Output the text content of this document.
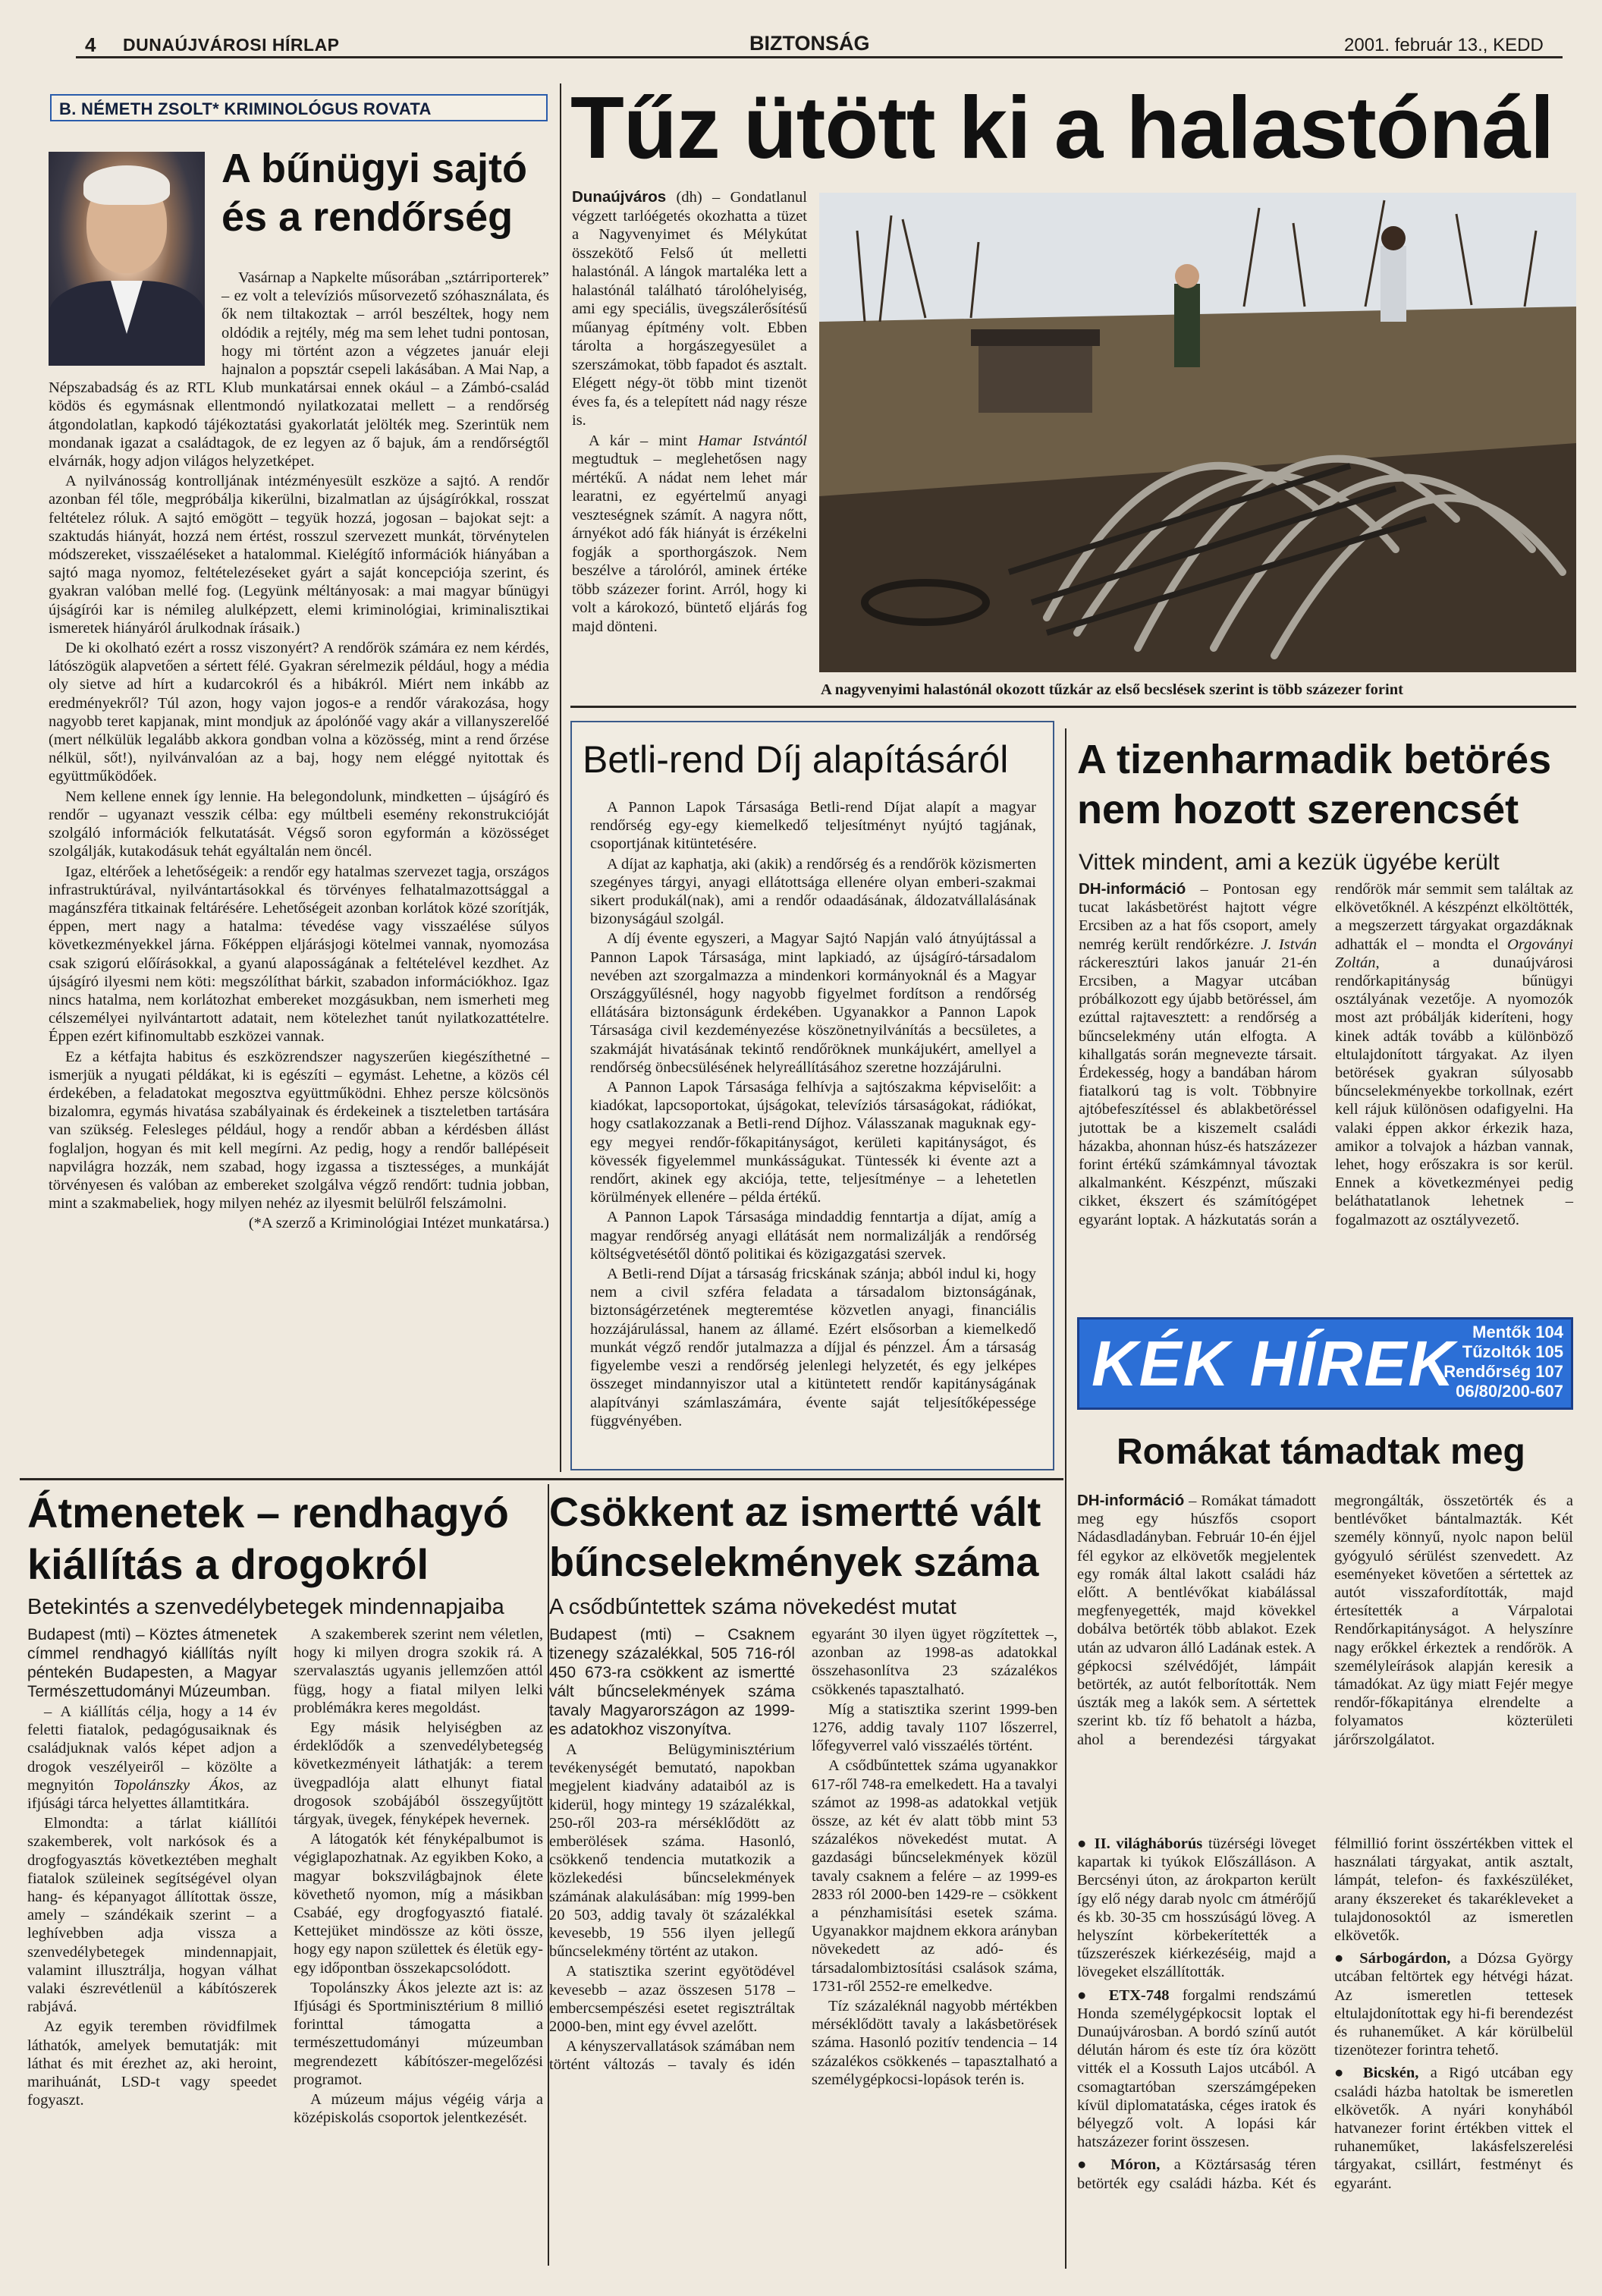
4 DUNAÚJVÁROSI HÍRLAP	BIZTONSÁG	2001. február 13., KEDD
B. NÉMETH ZSOLT* KRIMINOLÓGUS ROVATA
A bűnügyi sajtó
és a rendőrség

Vasárnap a Napkelte műsorában „sztárriporterek” – ez volt a televíziós műsorvezető szóhasználata, és ők nem tiltakoztak – arról beszéltek, hogy nem oldódik a rejtély, még ma sem lehet tudni pontosan, hogy mi történt azon a végzetes január eleji hajnalon a popsztár csepeli lakásában. A Mai Nap, a Népszabadság és az RTL Klub munkatársai ennek okául – a Zámbó-család ködös és egymásnak ellentmondó nyilatkozatai mellett – a rendőrség átgondolatlan, kapkodó tájékoztatási gyakorlatát jelölték meg. Szerintük nem mondanak igazat a családtagok, de ez legyen az ő bajuk, ám a rendőrségtől elvárnák, hogy adjon világos helyzetképet.

A nyilvánosság kontrolljának intézményesült eszköze a sajtó. A rendőr azonban fél tőle, megpróbálja kikerülni, bizalmatlan az újságírókkal, rosszat feltételez róluk. A sajtó emögött – tegyük hozzá, jogosan – bajokat sejt: a szaktudás hiányát, hozzá nem értést, rosszul szervezett munkát, törvénytelen módszereket, visszaéléseket a hatalommal. Kielégítő információk hiányában a sajtó maga nyomoz, feltételezéseket gyárt a saját koncepciója szerint, és gyakran valóban mellé fog. (Legyünk méltányosak: a mai magyar bűnügyi újságírói kar is némileg alulképzett, elemi kriminológiai, kriminalisztikai ismeretek hiányáról árulkodnak írásaik.)

De ki okolható ezért a rossz viszonyért? A rendőrök számára ez nem kérdés, látószögük alapvetően a sértett félé. Gyakran sérelmezik például, hogy a média oly sietve ad hírt a kudarcokról és a hibákról. Miért nem inkább az eredményekről? Túl azon, hogy vajon jogos-e a rendőr várakozása, hogy nagyobb teret kapjanak, mint mondjuk az ápolónőé vagy akár a villanyszerelőé (mert nélkülük legalább akkora gondban volna a közösség, mint a rend őrzése nélkül, sőt!), nyilvánvalóan az a baj, hogy nem eléggé nyitottak és együttműködőek.

Nem kellene ennek így lennie. Ha belegondolunk, mindketten – újságíró és rendőr – ugyanazt vesszik célba: egy múltbeli esemény rekonstrukcióját szolgáló információk felkutatását. Végső soron egyformán a közösséget szolgálják, kutakodásuk tehát egyáltalán nem öncél.

Igaz, eltérőek a lehetőségeik: a rendőr egy hatalmas szervezet tagja, országos infrastruktúrával, nyilvántartásokkal és törvényes felhatalmazottsággal a magánszféra titkainak feltárésére. Lehetőségeit azonban korlátok közé szorítják, éppen, mert nagy a hatalma: tévedése vagy visszaélése súlyos következményekkel járna. Főképpen eljárásjogi kötelmei vannak, nyomozása csak szigorú előírásokkal, a gyanú alaposságának a feltételével kezdhet. Az újságíró ilyesmi nem köti: megszólíthat bárkit, szabadon információkhoz. Igaz nincs hatalma, nem korlátozhat embereket mozgásukban, nem ismerheti meg célszemélyei nyilvántartott adatait, nem kötelezhet tanút nyilatkozattételre. Éppen ezért kifinomultabb eszközei vannak.

Ez a kétfajta habitus és eszközrendszer nagyszerűen kiegészíthetné – ismerjük a nyugati példákat, ki is egészíti – egymást. Lehetne, a közös cél érdekében, a feladatokat megosztva együttműködni. Ehhez persze kölcsönös bizalomra, egymás hivatása szabályainak és érdekeinek a tiszteletben tartására van szükség. Felesleges például, hogy a rendőr abban a kérdésben állást foglaljon, hogyan és mit kell megírni. Az pedig, hogy a rendőr ballépéseit napvilágra hozzák, nem szabad, hogy izgassa a tisztességes, a munkáját törvényesen és valóban az embereket szolgálva végző rendőrt: tudnia jobban, mint a szakmabeliek, hogy milyen nehéz az ilyesmit belülről felszámolni.

(*A szerző a Kriminológiai Intézet munkatársa.)

Tűz ütött ki a halastónál

Dunaújváros (dh) – Gondatlanul végzett tarlóégetés okozhatta a tüzet a Nagyvenyimet és Mélykútat összekötő Felső út melletti halastónál. A lángok martaléka lett a halastónál található tárolóhelyiség, ami egy speciális, üvegszálerősítésű műanyag építmény volt. Ebben tárolta a horgászegyesület a szerszámokat, több fapadot és asztalt. Elégett négy-öt több mint tizenöt éves fa, és a telepített nád nagy része is.

A kár – mint Hamar Istvántól megtudtuk – meglehetősen nagy mértékű. A nádat nem lehet már learatni, ez egyértelmű anyagi veszteségnek számít. A nagyra nőtt, árnyékot adó fák hiányát is érzékelni fogják a sporthorgászok. Nem beszélve a tárolóról, aminek értéke több százezer forint. Arról, hogy ki volt a károkozó, büntető eljárás fog majd dönteni.

A nagyvenyimi halastónál okozott tűzkár az első becslések szerint is több százezer forint
Betli-rend Díj alapításáról

A Pannon Lapok Társasága Betli-rend Díjat alapít a magyar rendőrség egy-egy kiemelkedő teljesítményt nyújtó tagjának, csoportjának kitüntetésére.

A díjat az kaphatja, aki (akik) a rendőrség és a rendőrök közismerten szegényes tárgyi, anyagi ellátottsága ellenére olyan emberi-szakmai sikert produkál(nak), ami a rendőr odaadásának, áldozatvállalásának bizonyságául szolgál.

A díj évente egyszeri, a Magyar Sajtó Napján való átnyújtással a Pannon Lapok Társasága, mint lapkiadó, az újságíró-társadalom nevében azt szorgalmazza a mindenkori kormányoknál és a Magyar Országgyűlésnél, hogy nagyobb figyelmet fordítson a rendőrség ellátására biztonságunk érdekében. Ugyanakkor a Pannon Lapok Társasága civil kezdeményezése köszönetnyilvánítás a becsületes, a szakmáját hivatásának tekintő rendőröknek munkájukért, amellyel a rendőrség önbecsülésének helyreállításához szeretne hozzájárulni.

A Pannon Lapok Társasága felhívja a sajtószakma képviselőit: a kiadókat, lapcsoportokat, újságokat, televíziós társaságokat, rádiókat, hogy csatlakozzanak a Betli-rend Díjhoz. Válasszanak maguknak egy-egy megyei rendőr-főkapitányságot, kerületi kapitányságot, és kövessék figyelemmel munkásságukat. Tüntessék ki évente azt a rendőrt, akinek egy akciója, tette, teljesítménye – a lehetetlen körülmények ellenére – példa értékű.

A Pannon Lapok Társasága mindaddig fenntartja a díjat, amíg a magyar rendőrség anyagi ellátását nem normalizálják a rendőrség költségvetésétől döntő politikai és közigazgatási szervek.

A Betli-rend Díjat a társaság fricskának szánja; abból indul ki, hogy nem a civil szféra feladata a társadalom biztonságának, biztonságérzetének megteremtése közvetlen anyagi, financiális hozzájárulással, hanem az államé. Ezért elsősorban a kiemelkedő munkát végző rendőr jutalmazza a díjjal és pénzzel. Ám a társaság figyelembe veszi a rendőrség jelenlegi helyzetét, és egy jelképes összeget mindannyiszor utal a kitüntetett rendőr kapitányságának alapítványi számlaszámára, évente saját teljesítőképessége függvényében.

A tizenharmadik betörés
nem hozott szerencsét
Vittek mindent, ami a kezük ügyébe került

DH-információ – Pontosan egy tucat lakásbetörést hajtott végre Ercsiben az a hat fős csoport, amely nemrég került rendőrkézre. J. István ráckeresztúri lakos január 21-én Ercsiben, a Magyar utcában próbálkozott egy újabb betöréssel, ám ezúttal rajtavesztett: a rendőrség a bűncselekmény után elfogta. A kihallgatás során megnevezte társait. Érdekesség, hogy a bandában három fiatalkorú tag is volt. Többnyire ajtóbefeszítéssel és ablakbetöréssel jutottak be a kiszemelt családi házakba, ahonnan húsz-és hatszázezer forint értékű számkámnyal távoztak alkalmanként. Készpénzt, műszaki cikket, ékszert és számítógépet egyaránt loptak. A házkutatás során a rendőrök már semmit sem találtak az elkövetőknél. A készpénzt elköltötték, a megszerzett tárgyakat orgazdáknak adhatták el – mondta el Orgoványi Zoltán, a dunaújvárosi rendőrkapitányság bűnügyi osztályának vezetője. A nyomozók most azt próbálják kideríteni, hogy kinek adták tovább a különböző eltulajdonított tárgyakat. Az ilyen betörések gyakran súlyosabb bűncselekményekbe torkollnak, ezért kell rájuk különösen odafigyelni. Ha valaki éppen akkor érkezik haza, amikor a tolvajok a házban vannak, lehet, hogy erőszakra is sor kerül. Ennek a következményei pedig beláthatatlanok lehetnek – fogalmazott az osztályvezető.

KÉK HÍREK	Mentők 104
Tűzoltók 105
Rendőrség 107
06/80/200-607
Romákat támadtak meg

DH-információ – Romákat támadott meg egy húszfős csoport Nádasdladányban. Február 10-én éjjel fél egykor az elkövetők megjelentek egy romák által lakott családi ház előtt. A bentlévőkat kiabálással megfenyegették, majd kövekkel dobálva betörték több ablakot. Ezek után az udvaron álló Ladának estek. A gépkocsi szélvédőjét, lámpáit betörték, az autót felborították. Nem úszták meg a lakók sem. A sértettek szerint kb. tíz fő behatolt a házba, ahol a berendezési tárgyakat megrongálták, összetörték és a bentlévőket bántalmazták. Két személy könnyű, nyolc napon belül gyógyuló sérülést szenvedett. Az eseményeket követően a sértettek az autót visszafordították, majd értesítették a Várpalotai Rendőrkapitányságot. A helyszínre nagy erőkkel érkeztek a rendőrök. A személyleírások alapján keresik a támadókat. Az ügy miatt Fejér megye rendőr-főkapitánya elrendelte a folyamatos közterületi járőrszolgálatot.

● II. világháborús tüzérségi löveget kapartak ki tyúkok Előszálláson. A Bercsényi úton, az árokparton került így elő négy darab nyolc cm átmérőjű és kb. 30-35 cm hosszúságú löveg. A helyszínt körbekerítették a tűzszerészek kiérkezéséig, majd a lövegeket elszállították.

● ETX-748 forgalmi rendszámú Honda személygépkocsit loptak el Dunaújvárosban. A bordó színű autót délután három és este tíz óra között vitték el a Kossuth Lajos utcából. A csomagtartóban szerszámgépeken kívül diplomatatáska, céges iratok és bélyegző volt. A lopási kár hatszázezer forint összesen.

● Móron, a Köztársaság téren betörték egy családi házba. Két és félmillió forint összértékben vittek el használati tárgyakat, antik asztalt, lámpát, telefon- és faxkészüléket, arany ékszereket és takarékleveket a tulajdonosoktól az ismeretlen elkövetők.

● Sárbogárdon, a Dózsa György utcában feltörtek egy hétvégi házat. Az ismeretlen tettesek eltulajdonítottak egy hi-fi berendezést és ruhaneműket. A kár körülbelül tizenötezer forintra tehető.

● Bicskén, a Rigó utcában egy családi házba hatoltak be ismeretlen elkövetők. A nyári konyhából hatvanezer forint értékben vittek el ruhaneműket, lakásfelszerelési tárgyakat, csillárt, festményt és egyaránt.

Átmenetek – rendhagyó
kiállítás a drogokról
Betekintés a szenvedélybetegek mindennapjaiba

Budapest (mti) – Köztes átmenetek címmel rendhagyó kiállítás nyílt péntekén Budapesten, a Magyar Természettudományi Múzeumban.

– A kiállítás célja, hogy a 14 év feletti fiatalok, pedagógusaiknak és családjuknak valós képet adjon a drogok veszélyeiről – közölte a megnyitón Topolánszky Ákos, az ifjúsági tárca helyettes államtitkára.

Elmondta: a tárlat kiállítói szakemberek, volt narkósok és a drogfogyasztás következtében meghalt fiatalok szüleinek segítségével olyan hang- és képanyagot állítottak össze, amely – szándékaik szerint – a leghívebben adja vissza a szenvedélybetegek mindennapjait, valamint illusztrálja, hogyan válhat valaki észrevétlenül a kábítószerek rabjává.

Az egyik teremben rövidfilmek láthatók, amelyek bemutatják: mit láthat és mit érezhet az, aki heroint, marihuánát, LSD-t vagy speedet fogyaszt.

A szakemberek szerint nem véletlen, hogy ki milyen drogra szokik rá. A szervalasztás ugyanis jellemzően attól függ, hogy a fiatal milyen lelki problémákra keres megoldást.

Egy másik helyiségben az érdeklődők a szenvedélybetegség következményeit láthatják: a terem üvegpadlója alatt elhunyt fiatal drogosok szobájából összegyűjtött tárgyak, üvegek, fényképek hevernek.

A látogatók két fényképalbumot is végiglapozhatnak. Az egyikben Koko, a magyar bokszvilágbajnok élete követhető nyomon, míg a másikban Csabáé, egy drogfogyasztó fiatalé. Kettejüket mindössze az köti össze, hogy egy napon születtek és életük egy-egy időpontban összekapcsolódott.

Topolánszky Ákos jelezte azt is: az Ifjúsági és Sportminisztérium 8 millió forinttal támogatta a természettudományi múzeumban megrendezett kábítószer-megelőzési programot.

A múzeum május végéig várja a középiskolás csoportok jelentkezését.

Csökkent az ismertté vált
bűncselekmények száma
A csődbűntettek száma növekedést mutat

Budapest (mti) – Csaknem tizenegy százalékkal, 505 716-ról 450 673-ra csökkent az ismertté vált bűncselekmények száma tavaly Magyarországon az 1999-es adatokhoz viszonyítva.

A Belügyminisztérium tevékenységét bemutató, napokban megjelent kiadvány adataiból az is kiderül, hogy mintegy 19 százalékkal, 250-ről 203-ra mérséklődött az emberölések száma. Hasonló, csökkenő tendencia mutatkozik a közlekedési bűncselekmények számának alakulásában: míg 1999-ben 20 503, addig tavaly öt százalékkal kevesebb, 19 556 ilyen jellegű bűncselekmény történt az utakon.

A statisztika szerint egyötödével kevesebb – azaz összesen 5178 – embercsempészési esetet regisztráltak 2000-ben, mint egy évvel azelőtt.

A kényszervallatások számában nem történt változás – tavaly és idén egyaránt 30 ilyen ügyet rögzítettek –, azonban az 1998-as adatokkal összehasonlítva 23 százalékos csökkenés tapasztalható.

Míg a statisztika szerint 1999-ben 1276, addig tavaly 1107 lőszerrel, lőfegyverrel való visszaélés történt.

A csődbűntettek száma ugyanakkor 617-ről 748-ra emelkedett. Ha a tavalyi számot az 1998-as adatokkal vetjük össze, az két év alatt több mint 53 százalékos növekedést mutat. A gazdasági bűncselekmények közül tavaly csaknem a felére – az 1999-es 2833 ról 2000-ben 1429-re – csökkent a pénzhamisítási esetek száma. Ugyanakkor majdnem ekkora arányban növekedett az adó- és társadalombiztosítási csalások száma, 1731-ről 2552-re emelkedve.

Tíz százaléknál nagyobb mértékben mérséklődött tavaly a lakásbetörések száma. Hasonló pozitív tendencia – 14 százalékos csökkenés – tapasztalható a személygépkocsi-lopások terén is.
